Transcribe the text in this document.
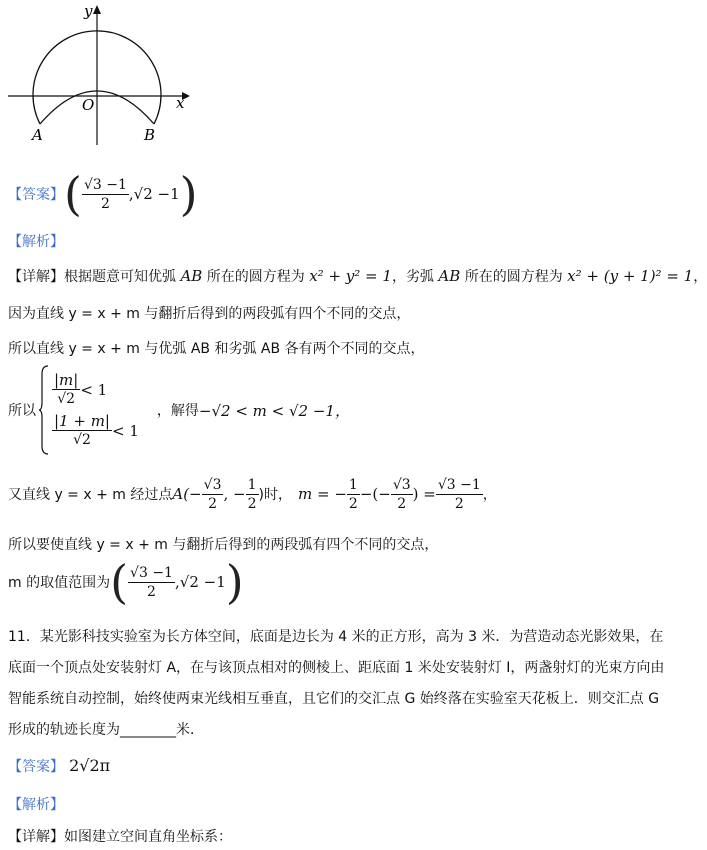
y
x
O
A	B
【答案】 ( $\frac{√3 -1}{2} ,√2 -1$ )
【解析】
【详解】根据题意可知优弧 AB 所在的圆方程为 x² + y² = 1，劣弧 AB 所在的圆方程为 x² + (y + 1)² = 1，
因为直线 y = x + m 与翻折后得到的两段弧有四个不同的交点，
所以直线 y = x + m 与优弧 AB 和劣弧 AB 各有两个不同的交点，
所以
$\frac{|m|}{√2} < 1$
$\frac{|1 + m|}{√2} < 1$
，解得 −√2 < m < √2 −1，
又直线 y = x + m 经过点 $A(- \frac{√3}{2}$ , − $\frac{1}{2}$ )时， m = − $\frac{1}{2}$ −(− $\frac{√3}{2}$ ) = $\frac{√3 -1}{2}$ ，
所以要使直线 y = x + m 与翻折后得到的两段弧有四个不同的交点，
m 的取值范围为 ( $\frac{√3 -1}{2} ,√2 -1$ )
11．某光影科技实验室为长方体空间，底面是边长为 4 米的正方形，高为 3 米．为营造动态光影效果，在
底面一个顶点处安装射灯 A，在与该顶点相对的侧棱上、距底面 1 米处安装射灯 I，两盏射灯的光束方向由
智能系统自动控制，始终使两束光线相互垂直，且它们的交汇点 G 始终落在实验室天花板上．则交汇点 G
形成的轨迹长度为________米．
【答案】 2√2π
【解析】
【详解】如图建立空间直角坐标系：
